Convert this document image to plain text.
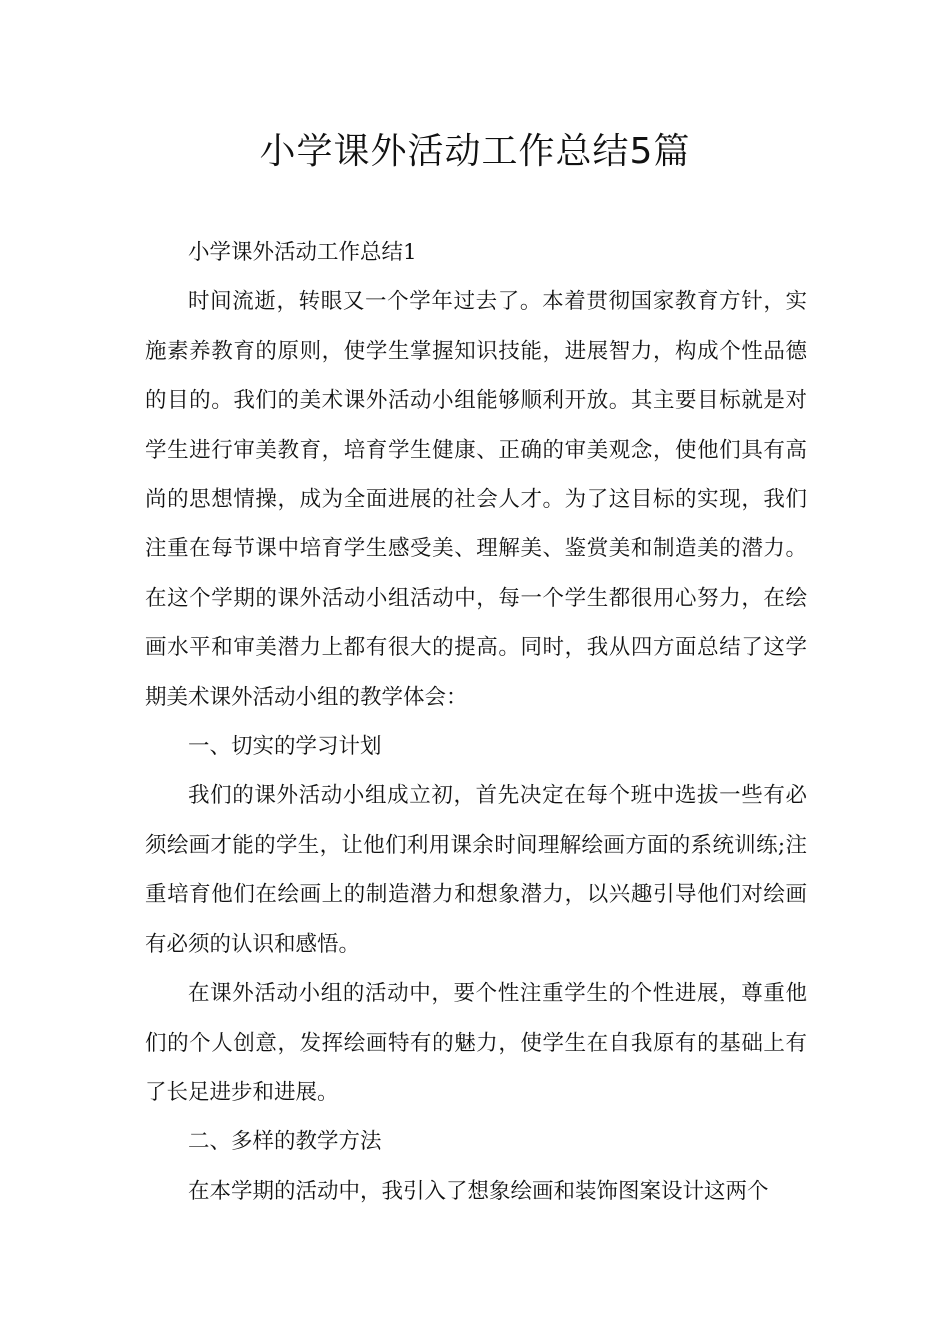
小学课外活动工作总结5篇

小学课外活动工作总结1

时间流逝，转眼又一个学年过去了。本着贯彻国家教育方针，实施素养教育的原则，使学生掌握知识技能，进展智力，构成个性品德的目的。我们的美术课外活动小组能够顺利开放。其主要目标就是对学生进行审美教育，培育学生健康、正确的审美观念，使他们具有高尚的思想情操，成为全面进展的社会人才。为了这目标的实现，我们注重在每节课中培育学生感受美、理解美、鉴赏美和制造美的潜力。在这个学期的课外活动小组活动中，每一个学生都很用心努力，在绘画水平和审美潜力上都有很大的提高。同时，我从四方面总结了这学期美术课外活动小组的教学体会：

一、切实的学习计划

我们的课外活动小组成立初，首先决定在每个班中选拔一些有必须绘画才能的学生，让他们利用课余时间理解绘画方面的系统训练;注重培育他们在绘画上的制造潜力和想象潜力，以兴趣引导他们对绘画有必须的认识和感悟。

在课外活动小组的活动中，要个性注重学生的个性进展，尊重他们的个人创意，发挥绘画特有的魅力，使学生在自我原有的基础上有了长足进步和进展。

二、多样的教学方法

在本学期的活动中，我引入了想象绘画和装饰图案设计这两个
